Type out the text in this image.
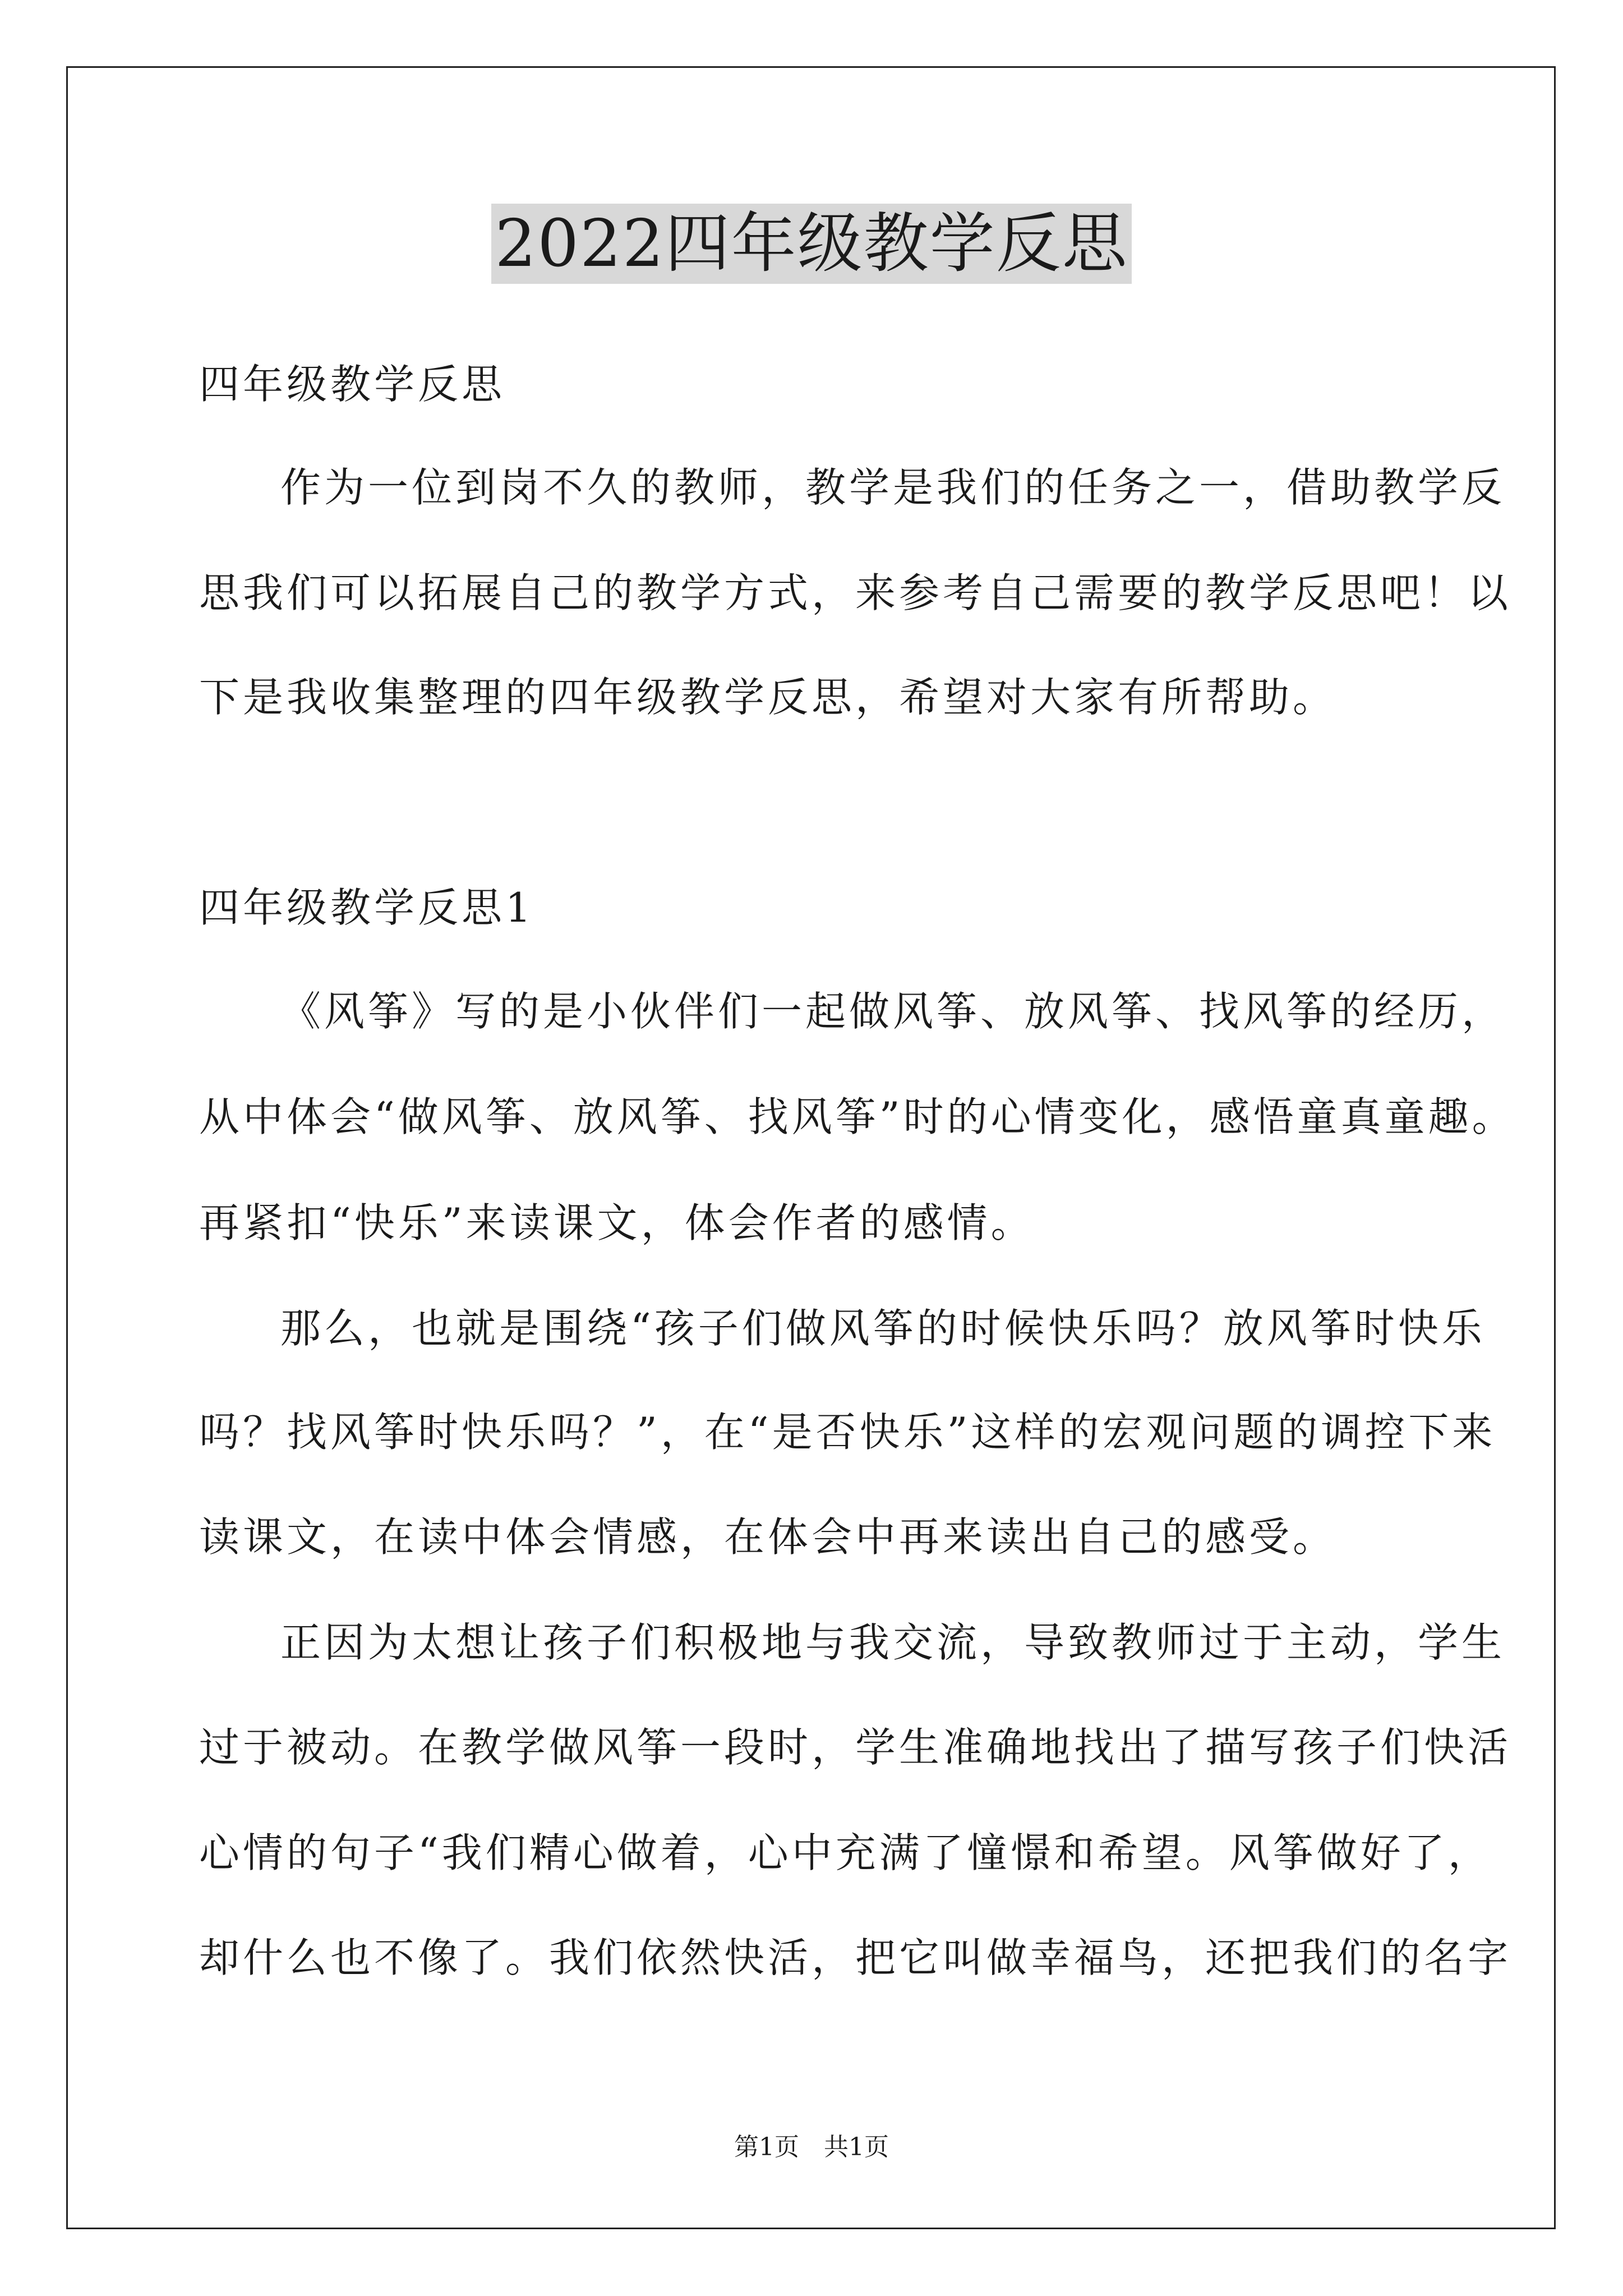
2022四年级教学反思
四年级教学反思
作为一位到岗不久的教师，教学是我们的任务之一，借助教学反
思我们可以拓展自己的教学方式，来参考自己需要的教学反思吧！以
下是我收集整理的四年级教学反思，希望对大家有所帮助。
四年级教学反思1
《风筝》写的是小伙伴们一起做风筝、放风筝、找风筝的经历，
从中体会“做风筝、放风筝、找风筝”时的心情变化，感悟童真童趣。
再紧扣“快乐”来读课文，体会作者的感情。
那么，也就是围绕“孩子们做风筝的时候快乐吗？放风筝时快乐
吗？找风筝时快乐吗？”，在“是否快乐”这样的宏观问题的调控下来
读课文，在读中体会情感，在体会中再来读出自己的感受。
正因为太想让孩子们积极地与我交流，导致教师过于主动，学生
过于被动。在教学做风筝一段时，学生准确地找出了描写孩子们快活
心情的句子“我们精心做着，心中充满了憧憬和希望。风筝做好了，
却什么也不像了。我们依然快活，把它叫做幸福鸟，还把我们的名字
第1页　共1页
